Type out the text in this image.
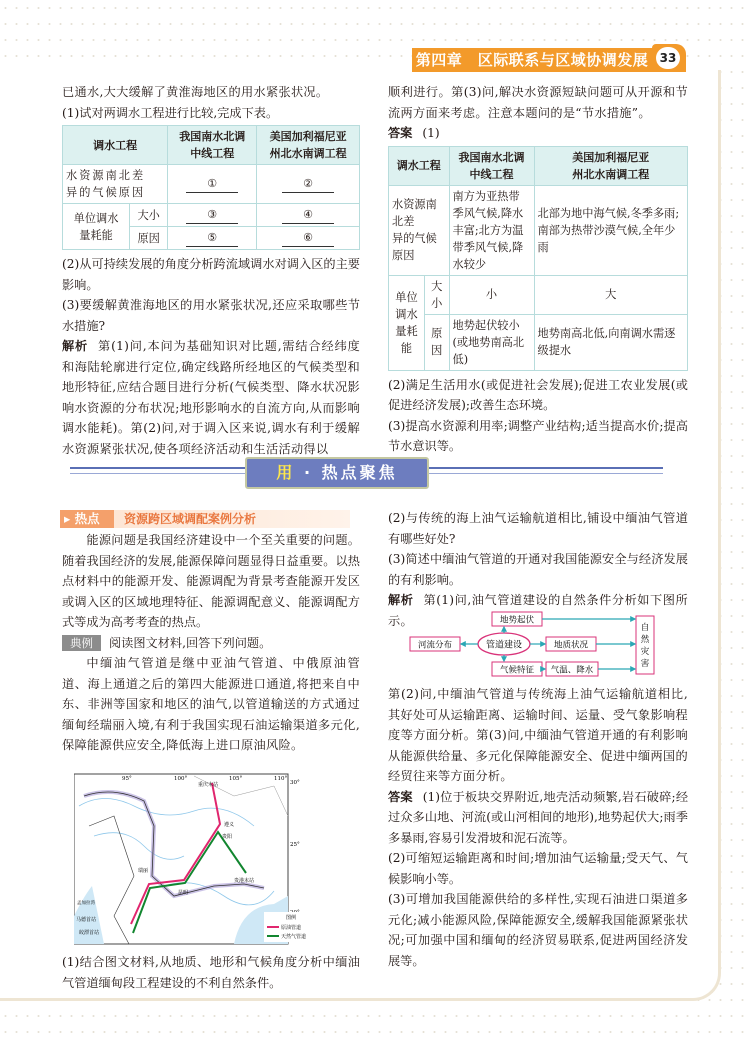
第四章　区际联系与区域协调发展 33

已通水,大大缓解了黄淮海地区的用水紧张状况。

(1)试对两调水工程进行比较,完成下表。

调水工程		我国南水北调
中线工程	美国加利福尼亚
州北水南调工程
水资源南北差
异的气候原因		①	②
单位调水
量耗能	大小	③	④
	原因	⑤	⑥

(2)从可持续发展的角度分析跨流域调水对调入区的主要影响。

(3)要缓解黄淮海地区的用水紧张状况,还应采取哪些节水措施?

解析 第(1)问,本问为基础知识对比题,需结合经纬度和海陆轮廓进行定位,确定线路所经地区的气候类型和地形特征,应结合题目进行分析(气候类型、降水状况影响水资源的分布状况;地形影响水的自流方向,从而影响调水能耗)。第(2)问,对于调入区来说,调水有利于缓解水资源紧张状况,使各项经济活动和生活活动得以

顺利进行。第(3)问,解决水资源短缺问题可从开源和节流两方面来考虑。注意本题问的是“节水措施”。

答案 (1)

调水工程		我国南水北调
中线工程	美国加利福尼亚
州北水南调工程
水资源南北差
异的气候原因		南方为亚热带季风气候,降水丰富;北方为温带季风气候,降水较少	北部为地中海气候,冬季多雨;南部为热带沙漠气候,全年少雨
单位调水
量耗能	大小	小	大
	原因	地势起伏较小(或地势南高北低)	地势南高北低,向南调水需逐级提水

(2)满足生活用水(或促进社会发展);促进工农业发展(或促进经济发展);改善生态环境。

(3)提高水资源利用率;调整产业结构;适当提高水价;提高节水意识等。

用 · 热点聚焦
▸ 热点	资源跨区域调配案例分析

能源问题是我国经济建设中一个至关重要的问题。随着我国经济的发展,能源保障问题显得日益重要。以热点材料中的能源开发、能源调配为背景考查能源开发区或调入区的区域地理特征、能源调配意义、能源调配方式等成为高考考查的热点。

典例 阅读图文材料,回答下列问题。

中缅油气管道是继中亚油气管道、中俄原油管道、海上通道之后的第四大能源进口通道,将把来自中东、非洲等国家和地区的油气,以管道输送的方式通过缅甸经瑞丽入境,有利于我国实现石油运输渠道多元化,保障能源供应安全,降低海上进口原油风险。

95°	100°	105°	110°
30°
25°
重庆末站
遵义
贵阳
昆明
瑞丽
贵港末站
马德首站
皎漂首站
孟加拉湾
图例
原油管道
天然气管道

(1)结合图文材料,从地质、地形和气候角度分析中缅油气管道缅甸段工程建设的不利自然条件。

(2)与传统的海上油气运输航道相比,铺设中缅油气管道有哪些好处?

(3)简述中缅油气管道的开通对我国能源安全与经济发展的有利影响。

解析 第(1)问,油气管道建设的自然条件分析如下图所示。

管道建设
地势起伏
河流分布	地质状况
气候特征 气温、降水
自然灾害

第(2)问,中缅油气管道与传统海上油气运输航道相比,其好处可从运输距离、运输时间、运量、受气象影响程度等方面分析。第(3)问,中缅油气管道开通的有利影响从能源供给量、多元化保障能源安全、促进中缅两国的经贸往来等方面分析。

答案 (1)位于板块交界附近,地壳活动频繁,岩石破碎;经过众多山地、河流(或山河相间的地形),地势起伏大;雨季多暴雨,容易引发滑坡和泥石流等。

(2)可缩短运输距离和时间;增加油气运输量;受天气、气候影响小等。

(3)可增加我国能源供给的多样性,实现石油进口渠道多元化;减小能源风险,保障能源安全,缓解我国能源紧张状况;可加强中国和缅甸的经济贸易联系,促进两国经济发展等。
